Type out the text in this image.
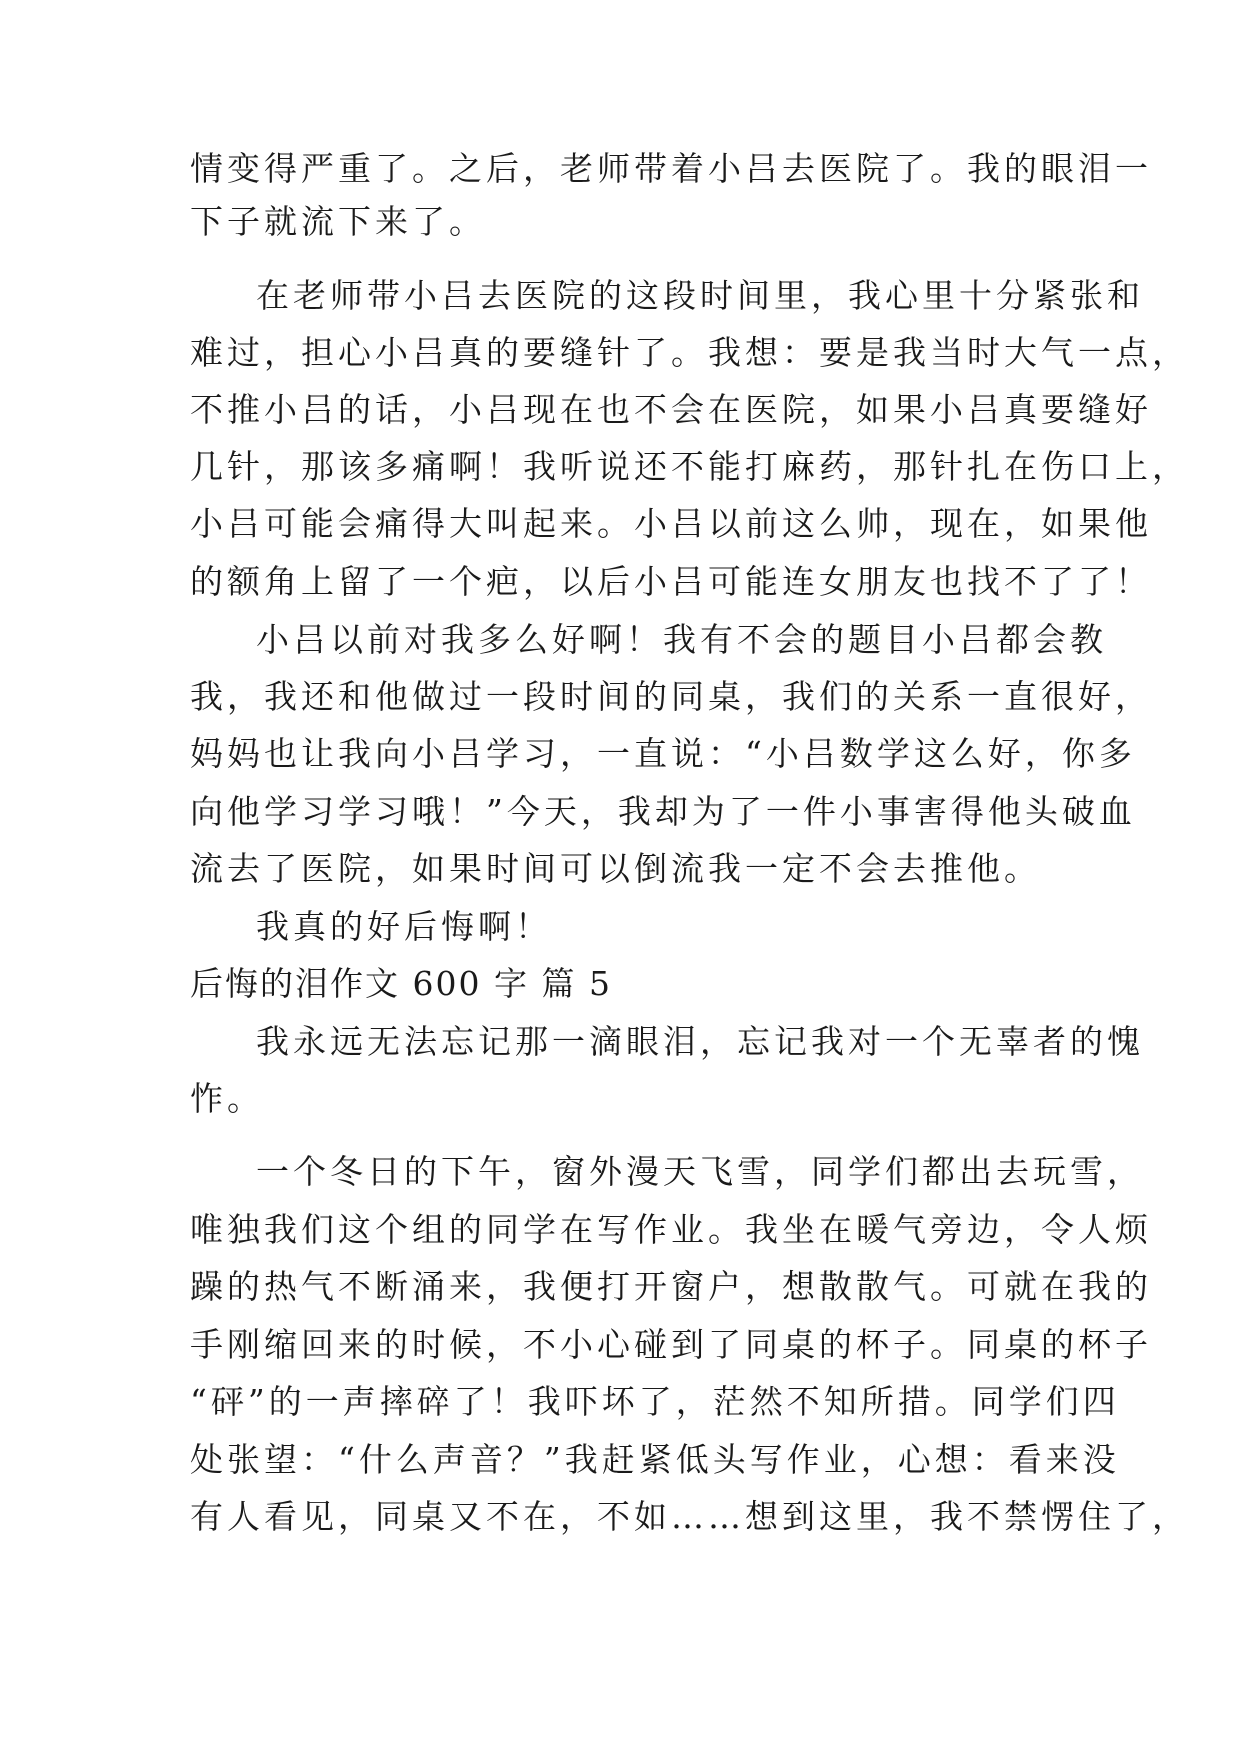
情变得严重了。之后，老师带着小吕去医院了。我的眼泪一
下子就流下来了。
在老师带小吕去医院的这段时间里，我心里十分紧张和
难过，担心小吕真的要缝针了。我想：要是我当时大气一点，
不推小吕的话，小吕现在也不会在医院，如果小吕真要缝好
几针，那该多痛啊！我听说还不能打麻药，那针扎在伤口上，
小吕可能会痛得大叫起来。小吕以前这么帅，现在，如果他
的额角上留了一个疤，以后小吕可能连女朋友也找不了了！
小吕以前对我多么好啊！我有不会的题目小吕都会教
我，我还和他做过一段时间的同桌，我们的关系一直很好，
妈妈也让我向小吕学习，一直说：“小吕数学这么好，你多
向他学习学习哦！”今天，我却为了一件小事害得他头破血
流去了医院，如果时间可以倒流我一定不会去推他。
我真的好后悔啊！
后悔的泪作文 600 字 篇 5
我永远无法忘记那一滴眼泪，忘记我对一个无辜者的愧
怍。
一个冬日的下午，窗外漫天飞雪，同学们都出去玩雪，
唯独我们这个组的同学在写作业。我坐在暖气旁边，令人烦
躁的热气不断涌来，我便打开窗户，想散散气。可就在我的
手刚缩回来的时候，不小心碰到了同桌的杯子。同桌的杯子
“砰”的一声摔碎了！我吓坏了，茫然不知所措。同学们四
处张望：“什么声音？”我赶紧低头写作业，心想：看来没
有人看见，同桌又不在，不如……想到这里，我不禁愣住了，
